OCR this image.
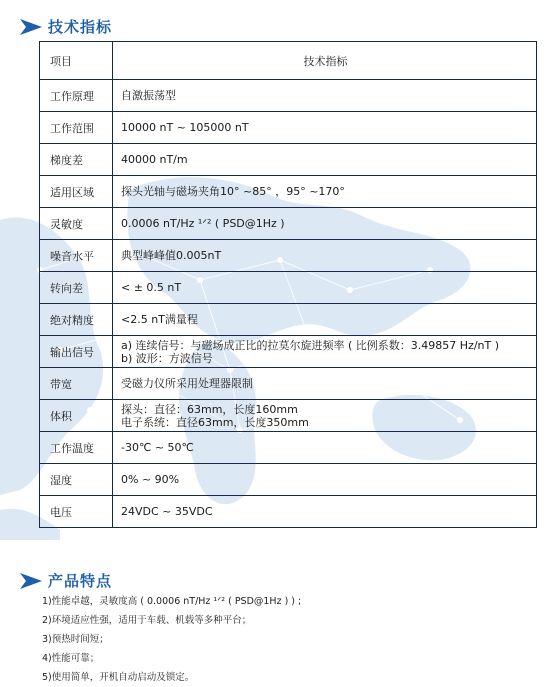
技术指标
项目	技术指标
工作原理	自激振荡型

工作范围	10000 nT ~ 105000 nT

梯度差	40000 nT/m

适用区域	探头光轴与磁场夹角10° ~85° ，95° ~170°

灵敏度	0.0006 nT/Hz ¹ᐟ² ( PSD@1Hz )

噪音水平	典型峰峰值0.005nT

转向差	< ± 0.5 nT

绝对精度	<2.5 nT满量程

输出信号	a) 连续信号：与磁场成正比的拉莫尔旋进频率 ( 比例系数：3.49857 Hz/nT )
b) 波形：方波信号

带宽	受磁力仪所采用处理器限制

体积	探头：直径：63mm，长度160mm
电子系统：直径63mm，长度350mm

工作温度	-30℃ ~ 50℃

湿度	0% ~ 90%

电压	24VDC ~ 35VDC
产品特点
1)性能卓越，灵敏度高 ( 0.0006 nT/Hz ¹ᐟ² ( PSD@1Hz ) ) ;
2)环境适应性强，适用于车载、机载等多种平台；
3)预热时间短；
4)性能可靠；
5)使用简单，开机自动启动及锁定。
